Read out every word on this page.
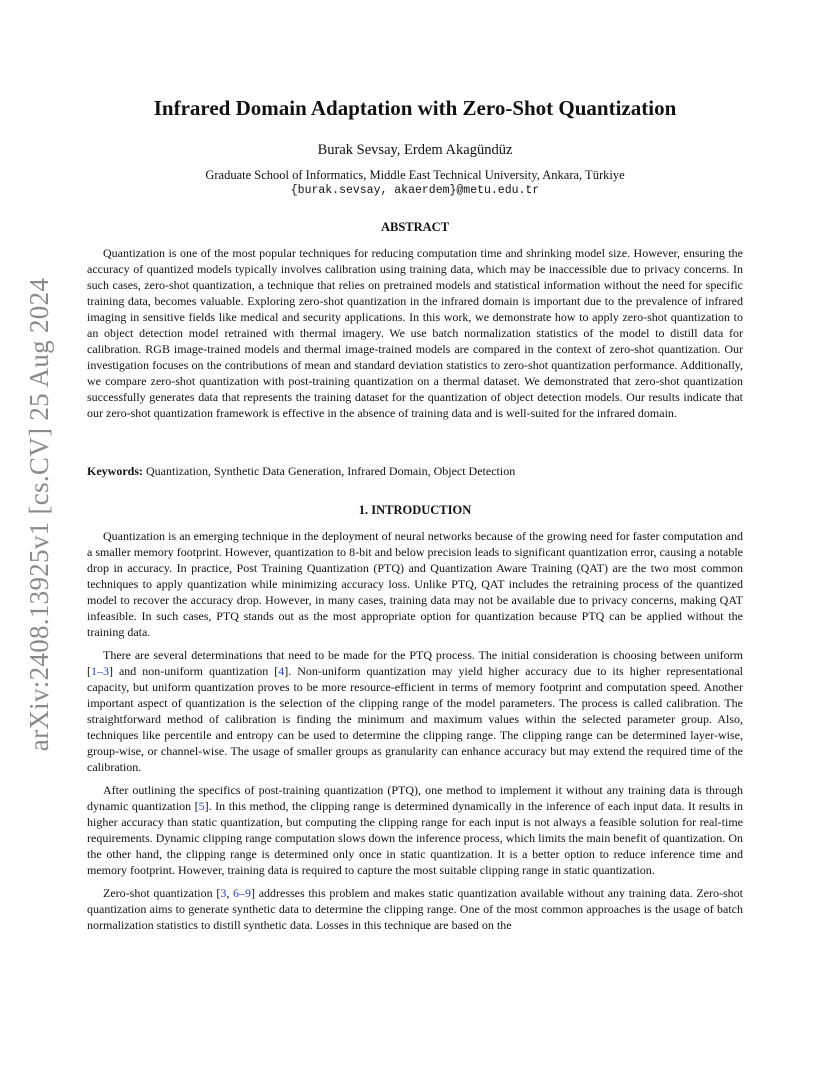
arXiv:2408.13925v1 [cs.CV] 25 Aug 2024
Infrared Domain Adaptation with Zero-Shot Quantization
Burak Sevsay, Erdem Akagündüz
Graduate School of Informatics, Middle East Technical University, Ankara, Türkiye
{burak.sevsay, akaerdem}@metu.edu.tr
ABSTRACT

Quantization is one of the most popular techniques for reducing computation time and shrinking model size. However, ensuring the accuracy of quantized models typically involves calibration using training data, which may be inaccessible due to privacy concerns. In such cases, zero-shot quantization, a technique that relies on pretrained models and statistical information without the need for specific training data, becomes valuable. Exploring zero-shot quantization in the infrared domain is important due to the prevalence of infrared imaging in sensitive fields like medical and security applications. In this work, we demonstrate how to apply zero-shot quantization to an object detection model retrained with thermal imagery. We use batch normalization statistics of the model to distill data for calibration. RGB image-trained models and thermal image-trained models are compared in the context of zero-shot quantization. Our investigation focuses on the contributions of mean and standard deviation statistics to zero-shot quantization performance. Additionally, we compare zero-shot quantization with post-training quantization on a thermal dataset. We demonstrated that zero-shot quantization successfully generates data that represents the training dataset for the quantization of object detection models. Our results indicate that our zero-shot quantization framework is effective in the absence of training data and is well-suited for the infrared domain.

Keywords: Quantization, Synthetic Data Generation, Infrared Domain, Object Detection
1. INTRODUCTION

Quantization is an emerging technique in the deployment of neural networks because of the growing need for faster computation and a smaller memory footprint. However, quantization to 8-bit and below precision leads to significant quantization error, causing a notable drop in accuracy. In practice, Post Training Quantization (PTQ) and Quantization Aware Training (QAT) are the two most common techniques to apply quantization while minimizing accuracy loss. Unlike PTQ, QAT includes the retraining process of the quantized model to recover the accuracy drop. However, in many cases, training data may not be available due to privacy concerns, making QAT infeasible. In such cases, PTQ stands out as the most appropriate option for quantization because PTQ can be applied without the training data.

There are several determinations that need to be made for the PTQ process. The initial consideration is choosing between uniform [1–3] and non-uniform quantization [4]. Non-uniform quantization may yield higher accuracy due to its higher representational capacity, but uniform quantization proves to be more resource-efficient in terms of memory footprint and computation speed. Another important aspect of quantization is the selection of the clipping range of the model parameters. The process is called calibration. The straightforward method of calibration is finding the minimum and maximum values within the selected parameter group. Also, techniques like percentile and entropy can be used to determine the clipping range. The clipping range can be determined layer-wise, group-wise, or channel-wise. The usage of smaller groups as granularity can enhance accuracy but may extend the required time of the calibration.

After outlining the specifics of post-training quantization (PTQ), one method to implement it without any training data is through dynamic quantization [5]. In this method, the clipping range is determined dynamically in the inference of each input data. It results in higher accuracy than static quantization, but computing the clipping range for each input is not always a feasible solution for real-time requirements. Dynamic clipping range computation slows down the inference process, which limits the main benefit of quantization. On the other hand, the clipping range is determined only once in static quantization. It is a better option to reduce inference time and memory footprint. However, training data is required to capture the most suitable clipping range in static quantization.

Zero-shot quantization [3, 6–9] addresses this problem and makes static quantization available without any training data. Zero-shot quantization aims to generate synthetic data to determine the clipping range. One of the most common approaches is the usage of batch normalization statistics to distill synthetic data. Losses in this technique are based on the
